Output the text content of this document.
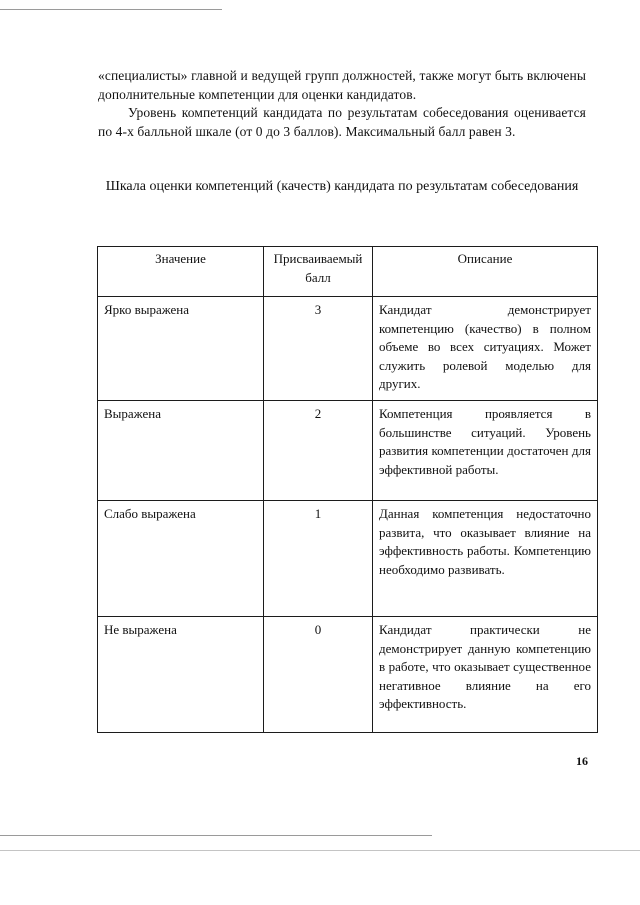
«специалисты» главной и ведущей групп должностей, также могут быть включены дополнительные компетенции для оценки кандидатов.

Уровень компетенций кандидата по результатам собеседования оценивается по 4-х балльной шкале (от 0 до 3 баллов). Максимальный балл равен 3.

Шкала оценки компетенций (качеств) кандидата по результатам собеседования
Значение	Присваиваемый балл	Описание
Ярко выражена	3	Кандидат демонстрирует компетенцию (качество) в полном объеме во всех ситуациях. Может служить ролевой моделью для других.
Выражена	2	Компетенция проявляется в большинстве ситуаций. Уровень развития компетенции достаточен для эффективной работы.
Слабо выражена	1	Данная компетенция недостаточно развита, что оказывает влияние на эффективность работы. Компетенцию необходимо развивать.
Не выражена	0	Кандидат практически не демонстрирует данную компетенцию в работе, что оказывает существенное негативное влияние на его эффективность.
16
